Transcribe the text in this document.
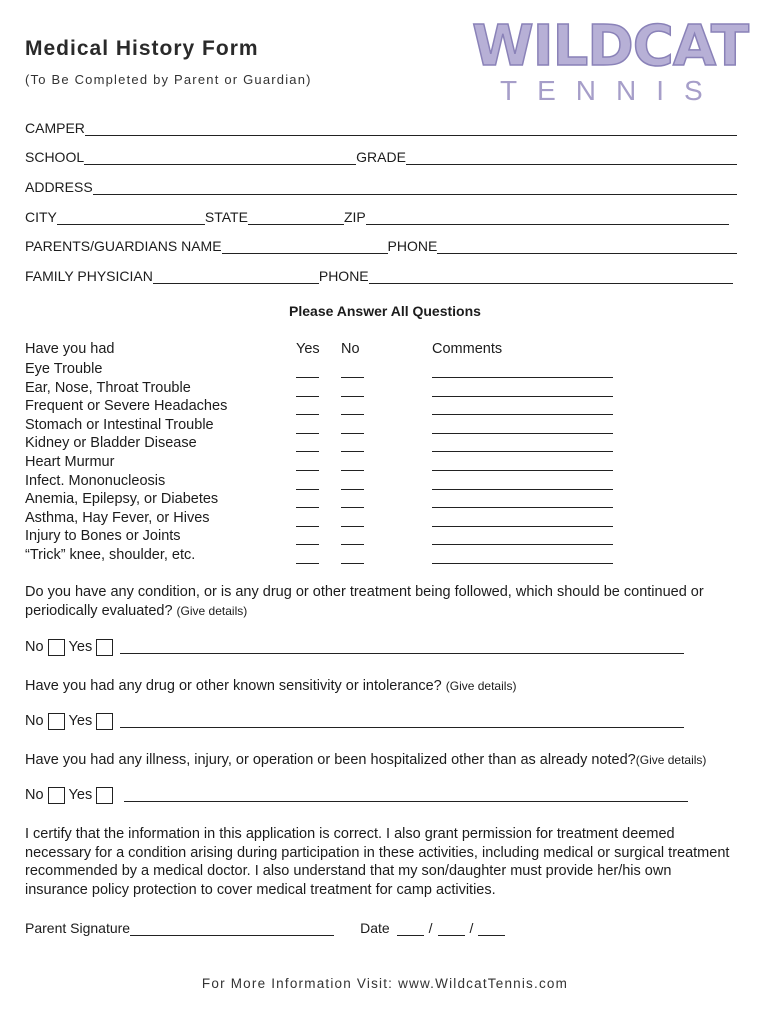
Medical History Form
(To Be Completed by Parent or Guardian)
WILDCAT
TENNIS
CAMPER
SCHOOL	GRADE
ADDRESS
CITY	STATE	ZIP
PARENTS/GUARDIANS NAME	PHONE
FAMILY PHYSICIAN	PHONE
Please Answer All Questions
Have you had	Yes No	Comments
Eye Trouble
Ear, Nose, Throat Trouble
Frequent or Severe Headaches
Stomach or Intestinal Trouble
Kidney or Bladder Disease
Heart Murmur
Infect. Mononucleosis
Anemia, Epilepsy, or Diabetes
Asthma, Hay Fever, or Hives
Injury to Bones or Joints
“Trick” knee, shoulder, etc.
Do you have any condition, or is any drug or other treatment being followed, which should be continued or periodically evaluated? (Give details)
No Yes
Have you had any drug or other known sensitivity or intolerance? (Give details)
No Yes
Have you had any illness, injury, or operation or been hospitalized other than as already noted?(Give details)
No Yes
I certify that the information in this application is correct. I also grant permission for treatment deemed necessary for a condition arising during participation in these activities, including medical or surgical treatment recommended by a medical doctor. I also understand that my son/daughter must provide her/his own insurance policy protection to cover medical treatment for camp activities.
Parent Signature	Date	/	/
For More Information Visit: www.WildcatTennis.com
